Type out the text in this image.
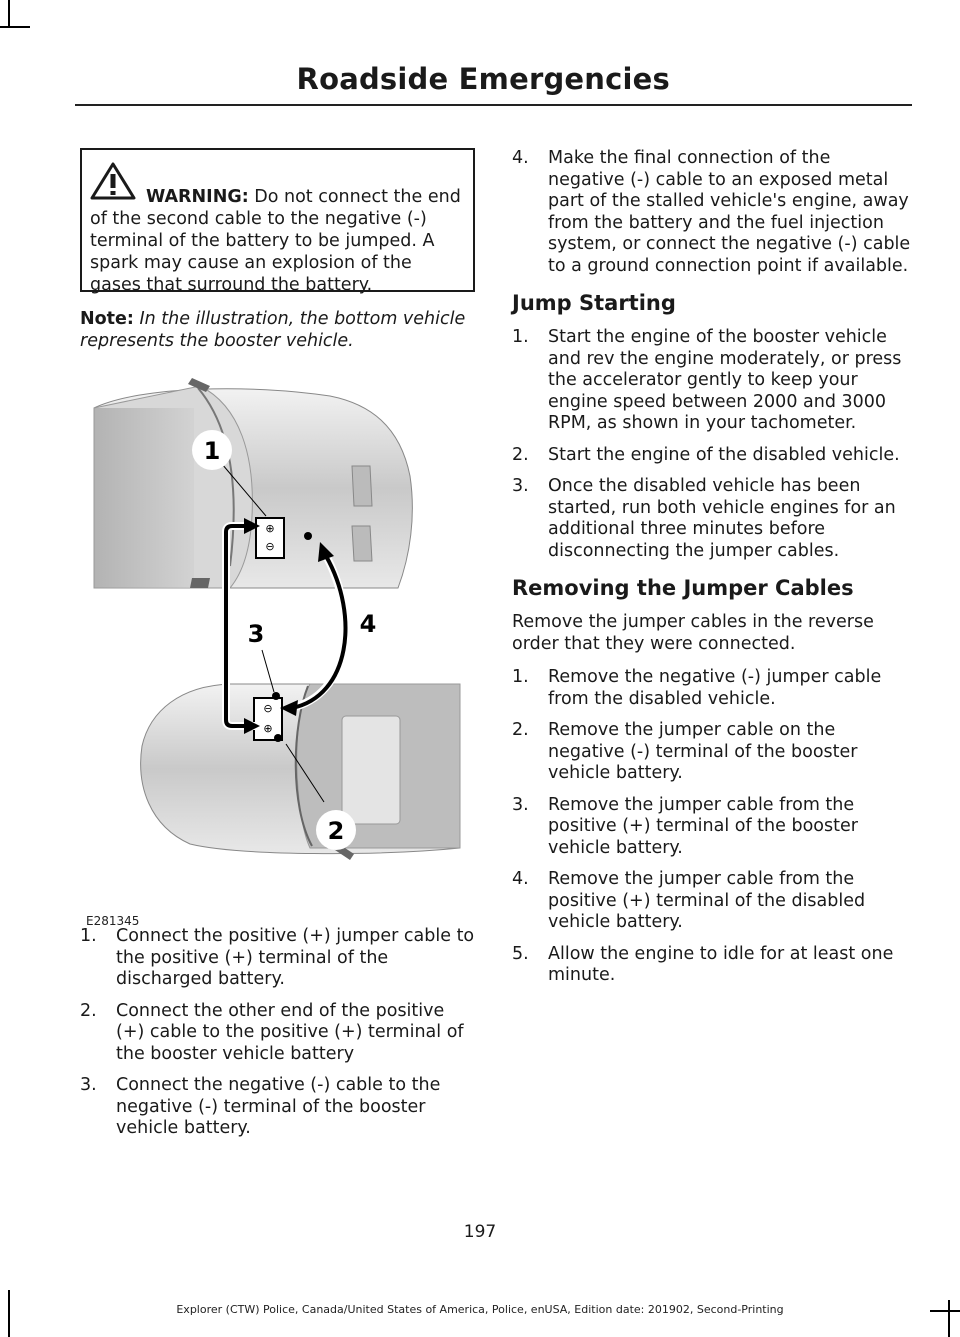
Roadside Emergencies

WARNING: Do not connect the end of the second cable to the negative (-) terminal of the battery to be jumped. A spark may cause an explosion of the gases that surround the battery.

Note: In the illustration, the bottom vehicle represents the booster vehicle.

⊕
⊖
⊖
⊕
1
2
3	4
E281345
1. Connect the positive (+) jumper cable to the positive (+) terminal of the discharged battery.
2. Connect the other end of the positive (+) cable to the positive (+) terminal of the booster vehicle battery
3. Connect the negative (-) cable to the negative (-) terminal of the booster vehicle battery.
4. Make the final connection of the negative (-) cable to an exposed metal part of the stalled vehicle's engine, away from the battery and the fuel injection system, or connect the negative (-) cable to a ground connection point if available.
Jump Starting
1. Start the engine of the booster vehicle and rev the engine moderately, or press the accelerator gently to keep your engine speed between 2000 and 3000 RPM, as shown in your tachometer.
2. Start the engine of the disabled vehicle.
3. Once the disabled vehicle has been started, run both vehicle engines for an additional three minutes before disconnecting the jumper cables.
Removing the Jumper Cables

Remove the jumper cables in the reverse order that they were connected.

1. Remove the negative (-) jumper cable from the disabled vehicle.
2. Remove the jumper cable on the negative (-) terminal of the booster vehicle battery.
3. Remove the jumper cable from the positive (+) terminal of the booster vehicle battery.
4. Remove the jumper cable from the positive (+) terminal of the disabled vehicle battery.
5. Allow the engine to idle for at least one minute.
197
Explorer (CTW) Police, Canada/United States of America, Police, enUSA, Edition date: 201902, Second-Printing
